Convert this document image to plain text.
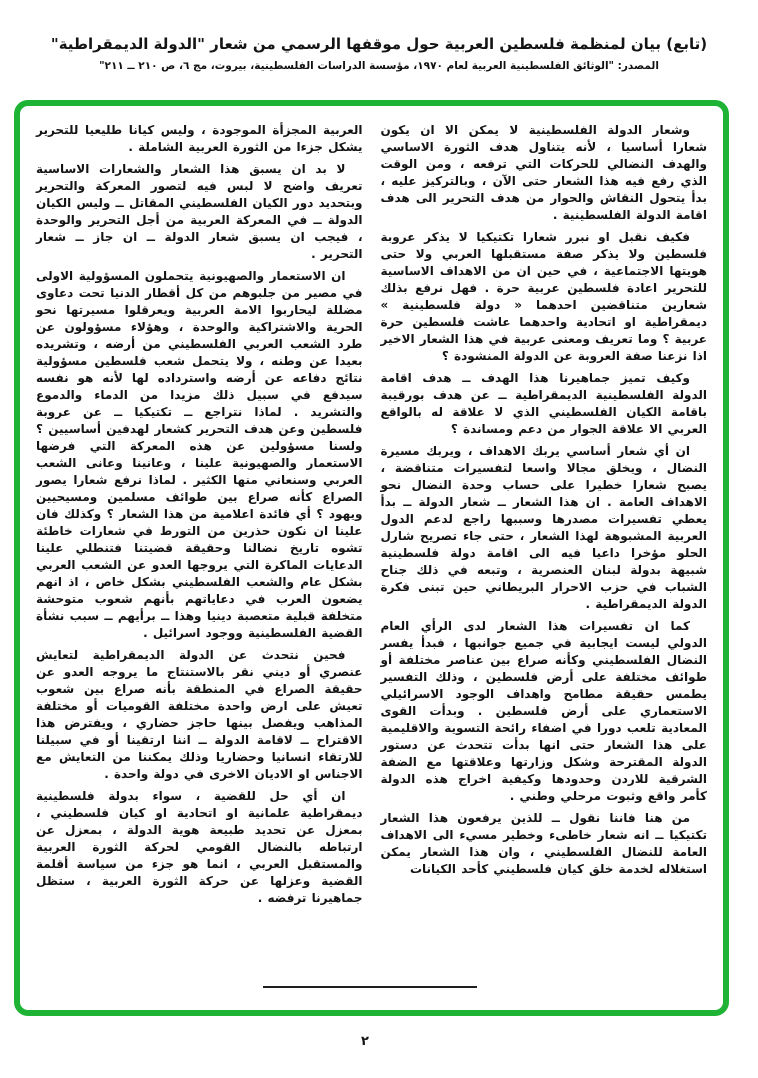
(تابع) بيان لمنظمة فلسطين العربية حول موقفها الرسمي من شعار "الدولة الديمقراطية"
المصدر: "الوثائق الفلسطينية العربية لعام ١٩٧٠، مؤسسة الدراسات الفلسطينية، بيروت، مج ٦، ص ٢١٠ ــ ٢١١"

وشعار الدولة الفلسطينية لا يمكن الا ان يكون شعارا أساسيا ، لأنه يتناول هدف الثورة الاساسي والهدف النضالي للحركات التي ترفعه ، ومن الوقت الذي رفع فيه هذا الشعار حتى الآن ، وبالتركيز عليه ، بدأ يتحول النقاش والحوار من هدف التحرير الى هدف اقامة الدولة الفلسطينية .

فكيف نقبل او نبرر شعارا تكتيكيا لا يذكر عروبة فلسطين ولا يذكر صفة مستقبلها العربي ولا حتى هويتها الاجتماعية ، في حين ان من الاهداف الاساسية للتحرير اعادة فلسطين عربية حرة . فهل نرفع بذلك شعارين متناقضين احدهما « دولة فلسطينية » ديمقراطية او اتحادية واحدهما عاشت فلسطين حرة عربية ؟ وما تعريف ومعنى عربية في هذا الشعار الاخير اذا نزعنا صفة العروبة عن الدولة المنشودة ؟

وكيف تميز جماهيرنا هذا الهدف ــ هدف اقامة الدولة الفلسطينية الديمقراطية ــ عن هدف بورقيبة باقامة الكيان الفلسطيني الذي لا علاقة له بالواقع العربي الا علاقة الجوار من دعم ومساندة ؟

ان أي شعار أساسي يربك الاهداف ، ويربك مسيرة النضال ، ويخلق مجالا واسعا لتفسيرات متناقضة ، يصبح شعارا خطيرا على حساب وحدة النضال نحو الاهداف العامة . ان هذا الشعار ــ شعار الدولة ــ بدأ يعطي تفسيرات مصدرها وسببها راجع لدعم الدول العربية المشبوهة لهذا الشعار ، حتى جاء تصريح شارل الحلو مؤخرا داعيا فيه الى اقامة دولة فلسطينية شبيهة بدولة لبنان العنصرية ، وتبعه في ذلك جناح الشباب في حزب الاحرار البريطاني حين تبنى فكرة الدولة الديمقراطية .

كما ان تفسيرات هذا الشعار لدى الرأي العام الدولي ليست ايجابية في جميع جوانبها ، فبدأ يفسر النضال الفلسطيني وكأنه صراع بين عناصر مختلفة أو طوائف مختلفة على أرض فلسطين ، وذلك التفسير يطمس حقيقة مطامح واهداف الوجود الاسرائيلي الاستعماري على أرض فلسطين . وبدأت القوى المعادية تلعب دورا في اضفاء رائحة التسوية والاقليمية على هذا الشعار حتى انها بدأت تتحدث عن دستور الدولة المقترحة وشكل وزارتها وعلاقتها مع الضفة الشرقية للاردن وحدودها وكيفية اخراج هذه الدولة كأمر واقع وثبوت مرحلي وطني .

من هنا فاننا نقول ــ للذين يرفعون هذا الشعار تكتيكيا ــ انه شعار خاطىء وخطير مسيء الى الاهداف العامة للنضال الفلسطيني ، وان هذا الشعار يمكن استغلاله لخدمة خلق كيان فلسطيني كأحد الكيانات

العربية المجزأة الموجودة ، وليس كيانا طليعيا للتحرير يشكل جزءا من الثورة العربية الشاملة .

لا بد ان يسبق هذا الشعار والشعارات الاساسية تعريف واضح لا لبس فيه لتصور المعركة والتحرير وبتحديد دور الكيان الفلسطيني المقاتل ــ وليس الكيان الدولة ــ في المعركة العربية من أجل التحرير والوحدة ، فيجب ان يسبق شعار الدولة ــ ان جاز ــ شعار التحرير .

ان الاستعمار والصهيونية يتحملون المسؤولية الاولى في مصير من جلبوهم من كل أقطار الدنيا تحت دعاوى مضللة ليحاربوا الامة العربية ويعرقلوا مسيرتها نحو الحرية والاشتراكية والوحدة ، وهؤلاء مسؤولون عن طرد الشعب العربي الفلسطيني من أرضه ، وتشريده بعيدا عن وطنه ، ولا يتحمل شعب فلسطين مسؤولية نتائج دفاعه عن أرضه واسترداده لها لأنه هو نفسه سيدفع في سبيل ذلك مزيدا من الدماء والدموع والتشريد . لماذا نتراجع ــ تكتيكيا ــ عن عروبة فلسطين وعن هدف التحرير كشعار لهدفين أساسيين ؟ ولسنا مسؤولين عن هذه المعركة التي فرضها الاستعمار والصهيونية علينا ، وعانينا وعانى الشعب العربي وسنعاني منها الكثير . لماذا نرفع شعارا يصور الصراع كأنه صراع بين طوائف مسلمين ومسيحيين ويهود ؟ أي فائدة اعلامية من هذا الشعار ؟ وكذلك فان علينا ان نكون حذرين من التورط في شعارات خاطئة تشوه تاريخ نضالنا وحقيقة قضيتنا فتنطلي علينا الدعايات الماكرة التي يروجها العدو عن الشعب العربي بشكل عام والشعب الفلسطيني بشكل خاص ، اذ انهم يضعون العرب في دعاياتهم بأنهم شعوب متوحشة متخلفة قبلية متعصبة دينيا وهذا ــ برأيهم ــ سبب نشأة القضية الفلسطينية ووجود اسرائيل .

فحين نتحدث عن الدولة الديمقراطية لتعايش عنصري أو ديني نقر بالاستنتاج ما يروجه العدو عن حقيقة الصراع في المنطقة بأنه صراع بين شعوب تعيش على ارض واحدة مختلفة القوميات أو مختلفة المذاهب ويفصل بينها حاجز حضاري ، ويفترض هذا الاقتراح ــ لاقامة الدولة ــ اننا ارتقينا أو في سبيلنا للارتقاء انسانيا وحضاريا وذلك يمكننا من التعايش مع الاجناس او الاديان الاخرى في دولة واحدة .

ان أي حل للقضية ، سواء بدولة فلسطينية ديمقراطية علمانية او اتحادية او كيان فلسطيني ، بمعزل عن تحديد طبيعة هوية الدولة ، بمعزل عن ارتباطه بالنضال القومي لحركة الثورة العربية والمستقبل العربي ، انما هو جزء من سياسة أقلمة القضية وعزلها عن حركة الثورة العربية ، ستظل جماهيرنا ترفضه .

٢
